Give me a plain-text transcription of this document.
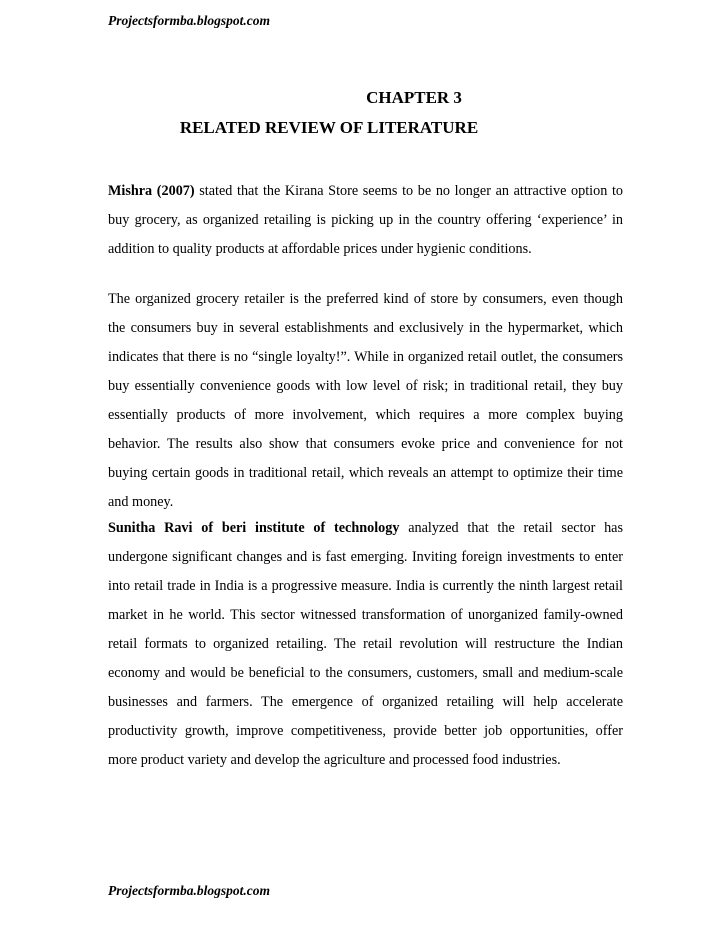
Projectsformba.blogspot.com
CHAPTER 3
RELATED REVIEW OF LITERATURE
Mishra (2007) stated that the Kirana Store seems to be no longer an attractive option to buy grocery, as organized retailing is picking up in the country offering ‘experience’ in addition to quality products at affordable prices under hygienic conditions.
The organized grocery retailer is the preferred kind of store by consumers, even though the consumers buy in several establishments and exclusively in the hypermarket, which indicates that there is no “single loyalty!”. While in organized retail outlet, the consumers buy essentially convenience goods with low level of risk; in traditional retail, they buy essentially products of more involvement, which requires a more complex buying behavior. The results also show that consumers evoke price and convenience for not buying certain goods in traditional retail, which reveals an attempt to optimize their time and money.
Sunitha Ravi of beri institute of technology analyzed that the retail sector has undergone significant changes and is fast emerging. Inviting foreign investments to enter into retail trade in India is a progressive measure. India is currently the ninth largest retail market in he world. This sector witnessed transformation of unorganized family-owned retail formats to organized retailing. The retail revolution will restructure the Indian economy and would be beneficial to the consumers, customers, small and medium-scale businesses and farmers. The emergence of organized retailing will help accelerate productivity growth, improve competitiveness, provide better job opportunities, offer more product variety and develop the agriculture and processed food industries.
Projectsformba.blogspot.com
